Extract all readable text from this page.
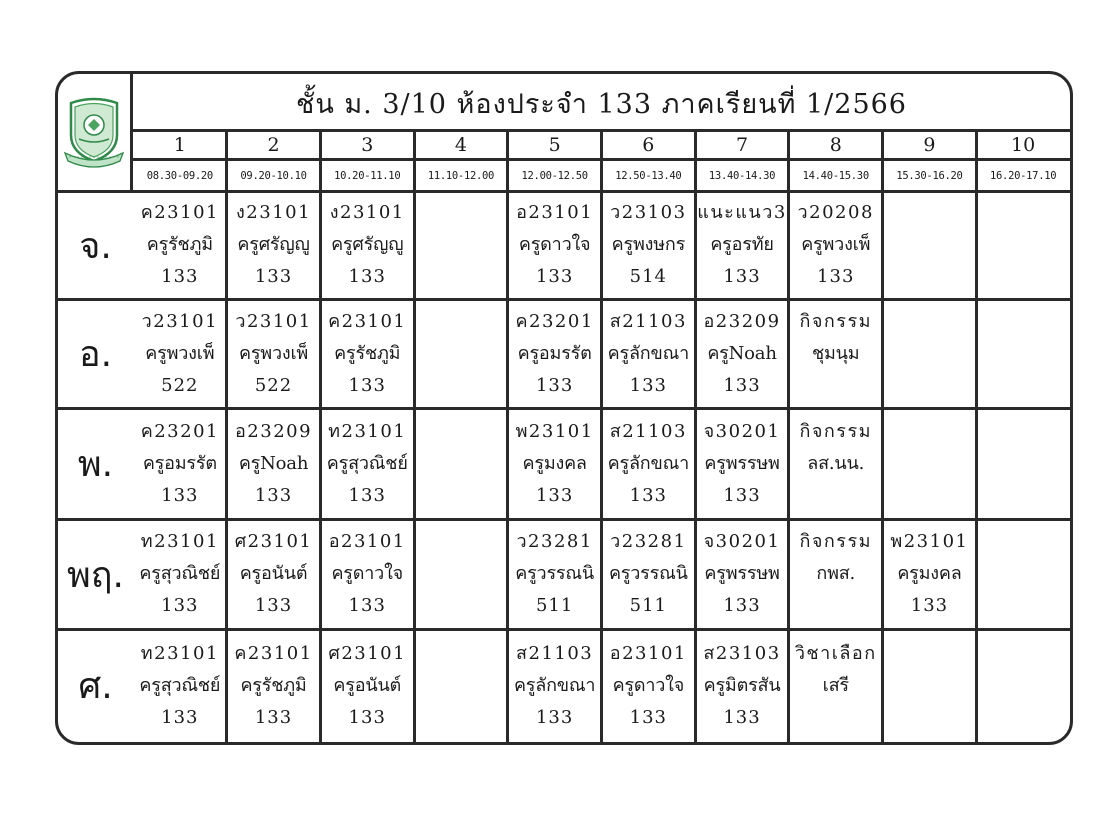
ชั้น ม. 3/10 ห้องประจำ 133 ภาคเรียนที่ 1/2566
1
08.30-09.20
2
09.20-10.10
3
10.20-11.10
4
11.10-12.00
5
12.00-12.50
6
12.50-13.40
7
13.40-14.30
8
14.40-15.30
9
15.30-16.20
10
16.20-17.10
จ.
ค23101
ครูรัชภูมิ
133
ง23101
ครูศรัญญู
133
ง23101
ครูศรัญญู
133

อ23101
ครูดาวใจ
133
ว23103
ครูพงษกร
514
แนะแนว3
ครูอรทัย
133
ว20208
ครูพวงเพ็
133

อ.
ว23101
ครูพวงเพ็
522
ว23101
ครูพวงเพ็
522
ค23101
ครูรัชภูมิ
133

ค23201
ครูอมรรัต
133
ส21103
ครูลักขณา
133
อ23209
ครูNoah
133
กิจกรรม
ชุมนุม

พ.
ค23201
ครูอมรรัต
133
อ23209
ครูNoah
133
ท23101
ครูสุวณิชย์
133

พ23101
ครูมงคล
133
ส21103
ครูลักขณา
133
จ30201
ครูพรรษพ
133
กิจกรรม
ลส.นน.

พฤ.
ท23101
ครูสุวณิชย์
133
ศ23101
ครูอนันต์
133
อ23101
ครูดาวใจ
133

ว23281
ครูวรรณนิ
511
ว23281
ครูวรรณนิ
511
จ30201
ครูพรรษพ
133
กิจกรรม
กพส.

พ23101
ครูมงคล
133

ศ.
ท23101
ครูสุวณิชย์
133
ค23101
ครูรัชภูมิ
133
ศ23101
ครูอนันต์
133

ส21103
ครูลักขณา
133
อ23101
ครูดาวใจ
133
ส23103
ครูมิตรสัน
133
วิชาเลือก
เสรี
